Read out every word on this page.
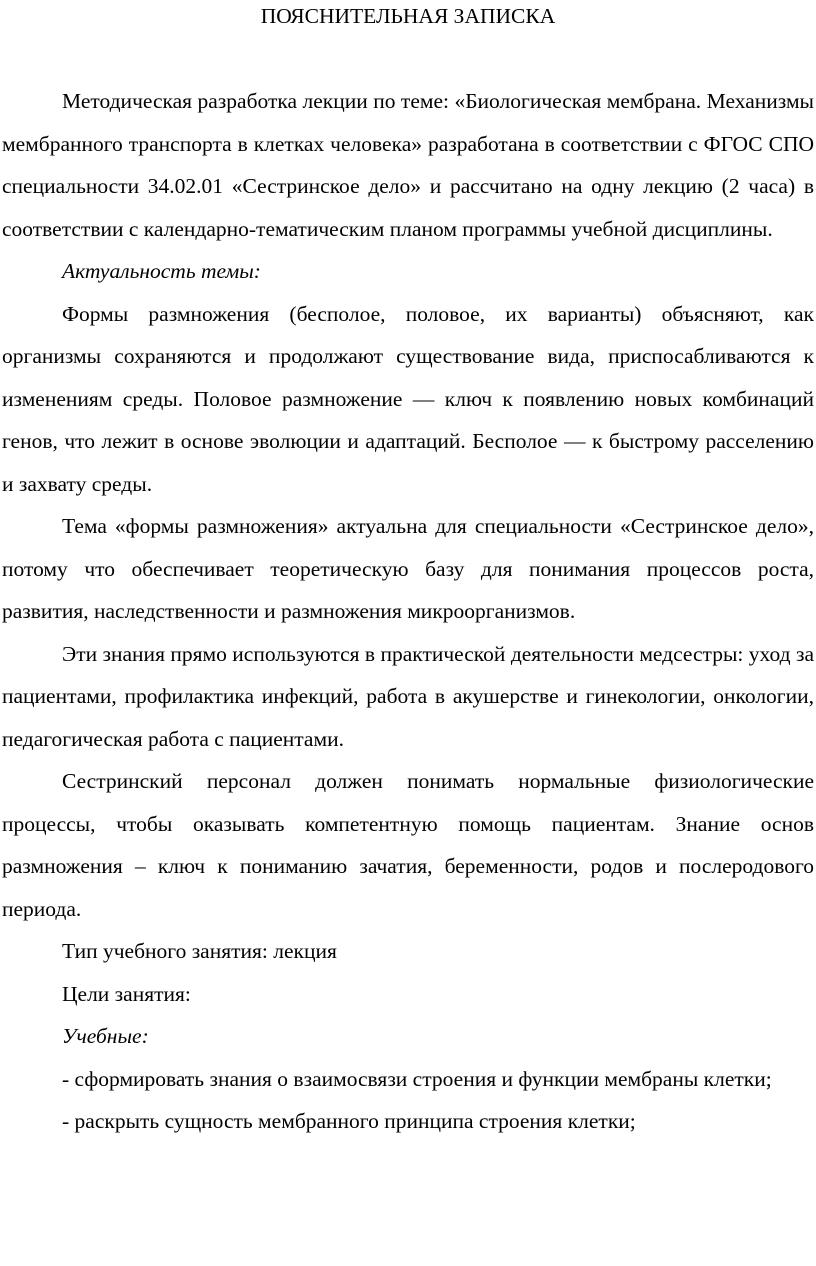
ПОЯСНИТЕЛЬНАЯ ЗАПИСКА

Методическая разработка лекции по теме: «Биологическая мембрана. Механизмы мембранного транспорта в клетках человека» разработана в соответствии с ФГОС СПО специальности 34.02.01 «Сестринское дело» и рассчитано на одну лекцию (2 часа) в соответствии с календарно-тематическим планом программы учебной дисциплины.

Актуальность темы:

Формы размножения (бесполое, половое, их варианты) объясняют, как организмы сохраняются и продолжают существование вида, приспосабливаются к изменениям среды. Половое размножение — ключ к появлению новых комбинаций генов, что лежит в основе эволюции и адаптаций. Бесполое — к быстрому расселению и захвату среды.

Тема «формы размножения» актуальна для специальности «Сестринское дело», потому что обеспечивает теоретическую базу для понимания процессов роста, развития, наследственности и размножения микроорганизмов.

Эти знания прямо используются в практической деятельности медсестры: уход за пациентами, профилактика инфекций, работа в акушерстве и гинекологии, онкологии, педагогическая работа с пациентами.

Сестринский персонал должен понимать нормальные физиологические процессы, чтобы оказывать компетентную помощь пациентам. Знание основ размножения – ключ к пониманию зачатия, беременности, родов и послеродового периода.

Тип учебного занятия: лекция

Цели занятия:

Учебные:

- сформировать знания о взаимосвязи строения и функции мембраны клетки;

- раскрыть сущность мембранного принципа строения клетки;
